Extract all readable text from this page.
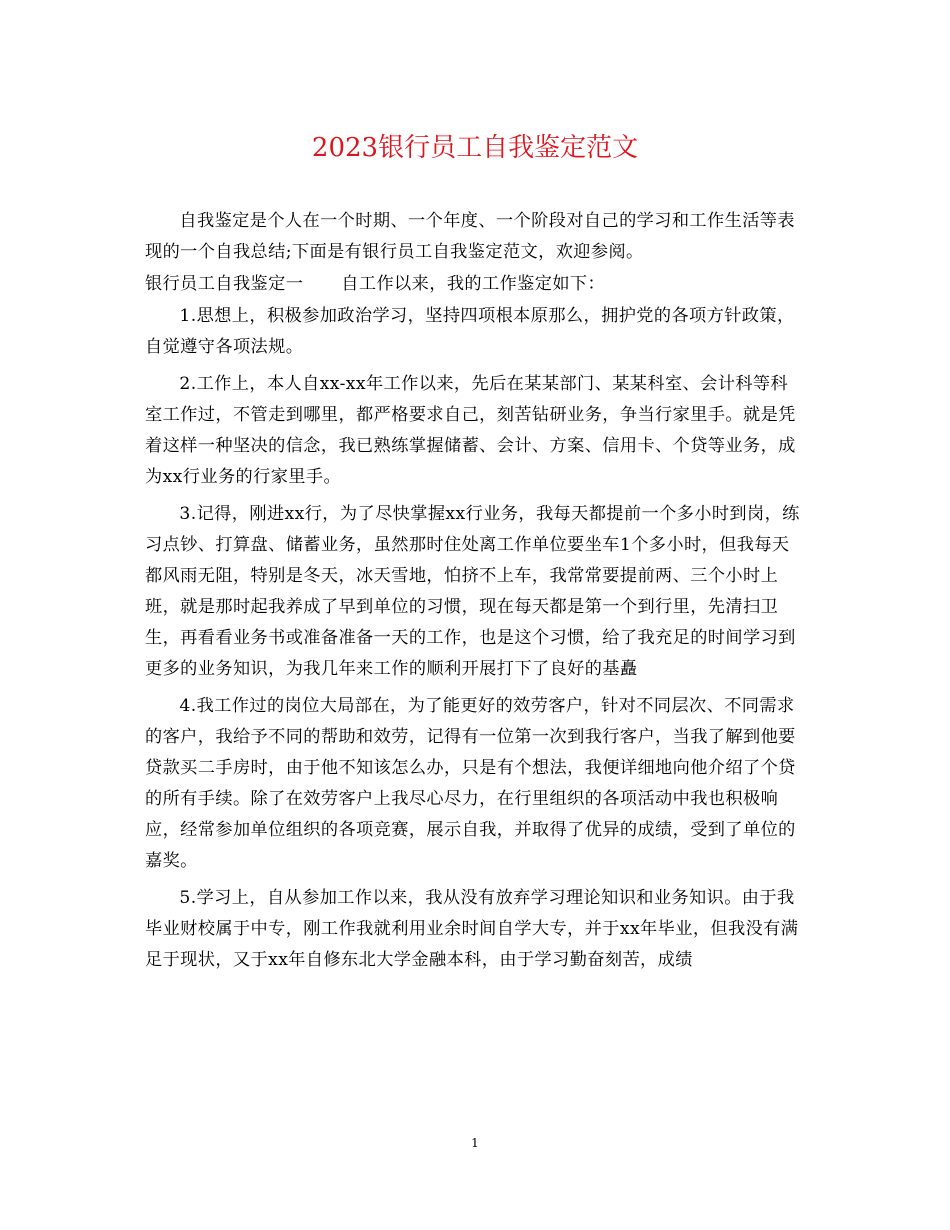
2023银行员工自我鉴定范文

自我鉴定是个人在一个时期、一个年度、一个阶段对自己的学习和工作生活等表现的一个自我总结;下面是有银行员工自我鉴定范文，欢迎参阅。

银行员工自我鉴定一 自工作以来，我的工作鉴定如下：

1.思想上，积极参加政治学习，坚持四项根本原那么，拥护党的各项方针政策，自觉遵守各项法规。

2.工作上，本人自xx-xx年工作以来，先后在某某部门、某某科室、会计科等科室工作过，不管走到哪里，都严格要求自己，刻苦钻研业务，争当行家里手。就是凭着这样一种坚决的信念，我已熟练掌握储蓄、会计、方案、信用卡、个贷等业务，成为xx行业务的行家里手。

3.记得，刚进xx行，为了尽快掌握xx行业务，我每天都提前一个多小时到岗，练习点钞、打算盘、储蓄业务，虽然那时住处离工作单位要坐车1个多小时，但我每天都风雨无阻，特别是冬天，冰天雪地，怕挤不上车，我常常要提前两、三个小时上班，就是那时起我养成了早到单位的习惯，现在每天都是第一个到行里，先清扫卫生，再看看业务书或准备准备一天的工作，也是这个习惯，给了我充足的时间学习到更多的业务知识，为我几年来工作的顺利开展打下了良好的基矗

4.我工作过的岗位大局部在，为了能更好的效劳客户，针对不同层次、不同需求的客户，我给予不同的帮助和效劳，记得有一位第一次到我行客户，当我了解到他要贷款买二手房时，由于他不知该怎么办，只是有个想法，我便详细地向他介绍了个贷的所有手续。除了在效劳客户上我尽心尽力，在行里组织的各项活动中我也积极响应，经常参加单位组织的各项竞赛，展示自我，并取得了优异的成绩，受到了单位的嘉奖。

5.学习上，自从参加工作以来，我从没有放弃学习理论知识和业务知识。由于我毕业财校属于中专，刚工作我就利用业余时间自学大专，并于xx年毕业，但我没有满足于现状，又于xx年自修东北大学金融本科，由于学习勤奋刻苦，成绩

1
